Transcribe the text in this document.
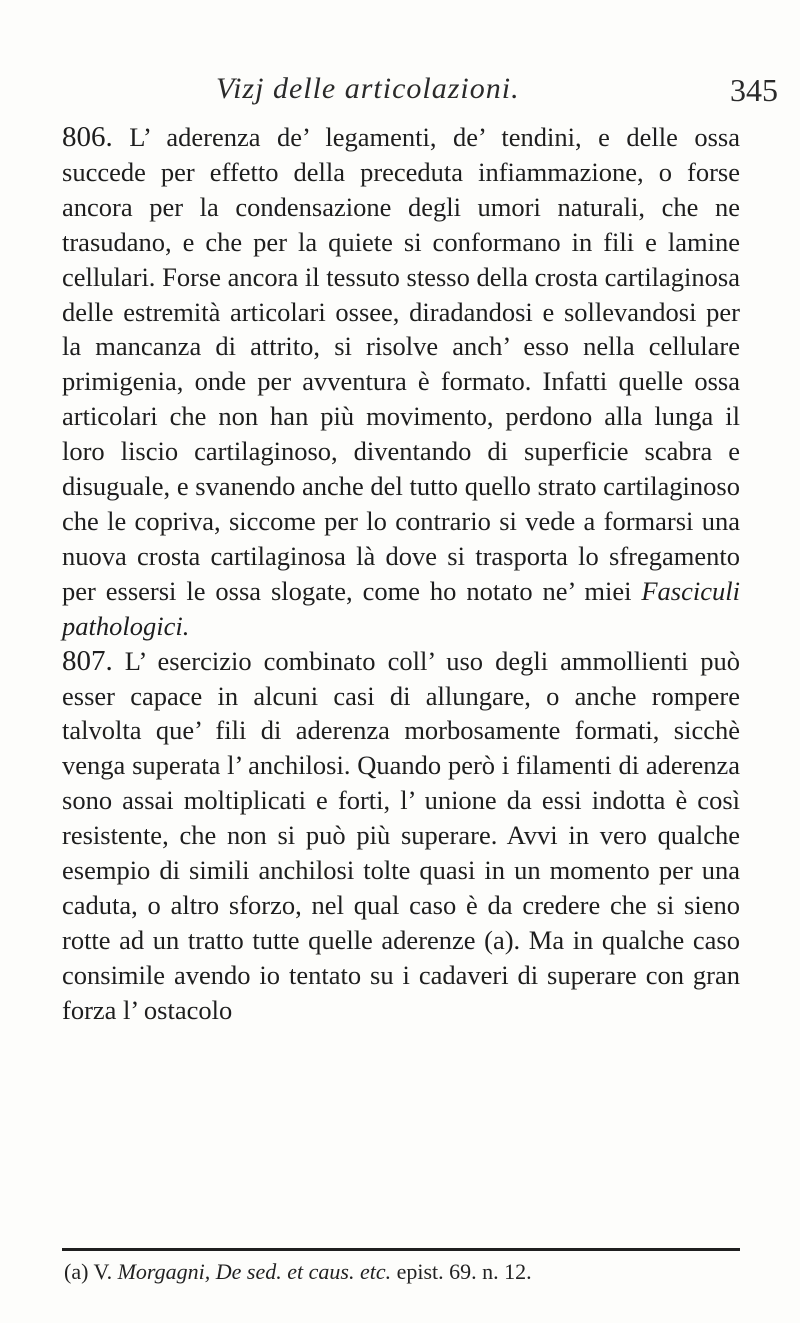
Vizj delle articolazioni.	345

806. L’ aderenza de’ legamenti, de’ tendini, e delle ossa succede per effetto della preceduta infiammazione, o forse ancora per la condensazione degli umori naturali, che ne trasudano, e che per la quiete si conformano in fili e lamine cellulari. Forse ancora il tessuto stesso della crosta cartilaginosa delle estremità articolari ossee, diradandosi e sollevandosi per la mancanza di attrito, si risolve anch’ esso nella cellulare primigenia, onde per avventura è formato. Infatti quelle ossa articolari che non han più movimento, perdono alla lunga il loro liscio cartilaginoso, diventando di superficie scabra e disuguale, e svanendo anche del tutto quello strato cartilaginoso che le copriva, siccome per lo contrario si vede a formarsi una nuova crosta cartilaginosa là dove si trasporta lo sfregamento per essersi le ossa slogate, come ho notato ne’ miei Fasciculi pathologici.

807. L’ esercizio combinato coll’ uso degli ammollienti può esser capace in alcuni casi di allungare, o anche rompere talvolta que’ fili di aderenza morbosamente formati, sicchè venga superata l’ anchilosi. Quando però i filamenti di aderenza sono assai moltiplicati e forti, l’ unione da essi indotta è così resistente, che non si può più superare. Avvi in vero qualche esempio di simili anchilosi tolte quasi in un momento per una caduta, o altro sforzo, nel qual caso è da credere che si sieno rotte ad un tratto tutte quelle aderenze (a). Ma in qualche caso consimile avendo io tentato su i cadaveri di superare con gran forza l’ ostacolo

(a) V. Morgagni, De sed. et caus. etc. epist. 69. n. 12.
